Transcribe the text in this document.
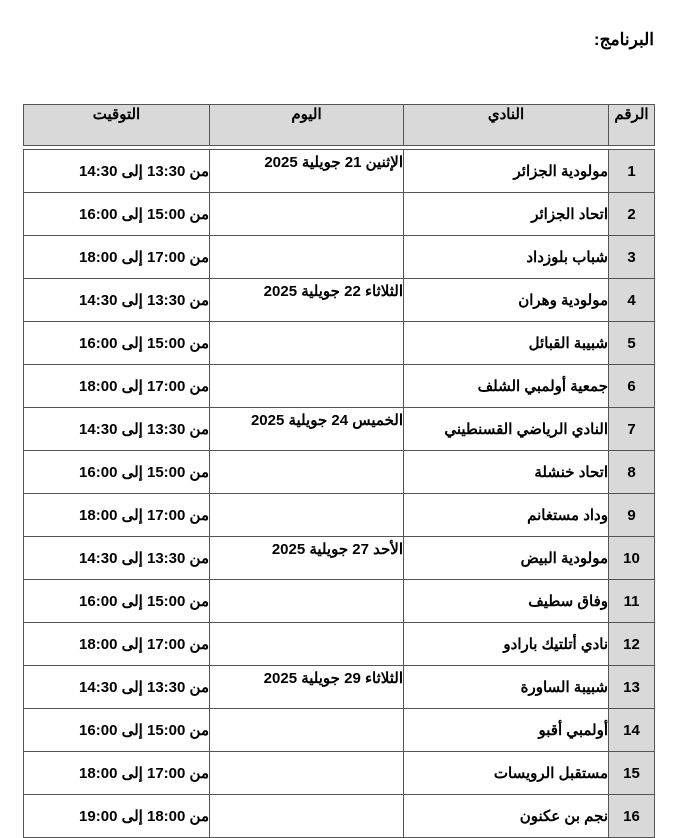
البرنامج:
الرقم	النادي	اليوم	التوقيت

1	مولودية الجزائر	الإثنين 21 جويلية 2025	من 13:30 إلى 14:30
2	اتحاد الجزائر		من 15:00 إلى 16:00
3	شباب بلوزداد		من 17:00 إلى 18:00
4	مولودية وهران	الثلاثاء 22 جويلية 2025	من 13:30 إلى 14:30
5	شبيبة القبائل		من 15:00 إلى 16:00
6	جمعية أولمبي الشلف		من 17:00 إلى 18:00
7	النادي الرياضي القسنطيني	الخميس 24 جويلية 2025	من 13:30 إلى 14:30
8	اتحاد خنشلة		من 15:00 إلى 16:00
9	وداد مستغانم		من 17:00 إلى 18:00
10	مولودية البيض	الأحد 27 جويلية 2025	من 13:30 إلى 14:30
11	وفاق سطيف		من 15:00 إلى 16:00
12	نادي أتلتيك بارادو		من 17:00 إلى 18:00
13	شبيبة الساورة	الثلاثاء 29 جويلية 2025	من 13:30 إلى 14:30
14	أولمبي أقبو		من 15:00 إلى 16:00
15	مستقبل الرويسات		من 17:00 إلى 18:00
16	نجم بن عكنون		من 18:00 إلى 19:00
